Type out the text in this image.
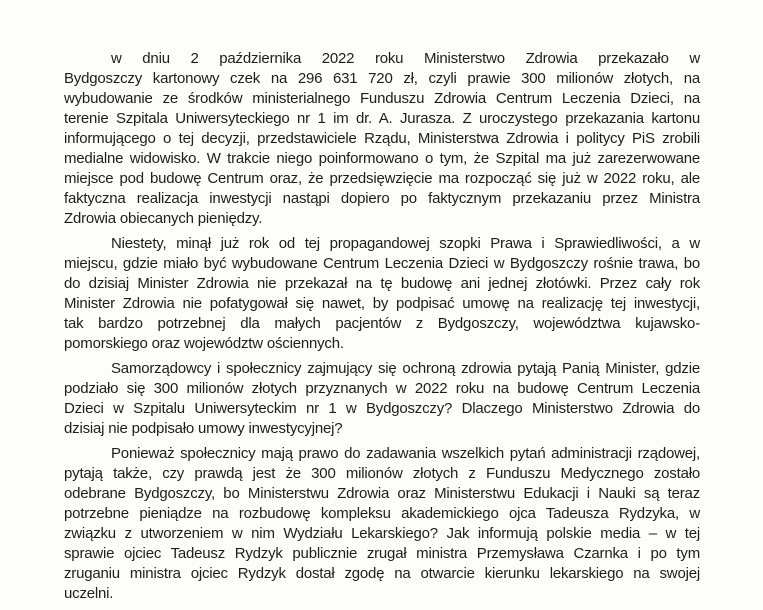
w dniu 2 października 2022 roku Ministerstwo Zdrowia przekazało w
Bydgoszczy kartonowy czek na 296 631 720 zł, czyli prawie 300 milionów złotych, na
wybudowanie ze środków ministerialnego Funduszu Zdrowia Centrum Leczenia Dzieci, na
terenie Szpitala Uniwersyteckiego nr 1 im dr. A. Jurasza. Z uroczystego przekazania kartonu
informującego o tej decyzji, przedstawiciele Rządu, Ministerstwa Zdrowia i politycy PiS zrobili
medialne widowisko. W trakcie niego poinformowano o tym, że Szpital ma już zarezerwowane
miejsce pod budowę Centrum oraz, że przedsięwzięcie ma rozpocząć się już w 2022 roku, ale
faktyczna realizacja inwestycji nastąpi dopiero po faktycznym przekazaniu przez Ministra
Zdrowia obiecanych pieniędzy.

Niestety, minął już rok od tej propagandowej szopki Prawa i Sprawiedliwości, a w
miejscu, gdzie miało być wybudowane Centrum Leczenia Dzieci w Bydgoszczy rośnie trawa, bo
do dzisiaj Minister Zdrowia nie przekazał na tę budowę ani jednej złotówki. Przez cały rok
Minister Zdrowia nie pofatygował się nawet, by podpisać umowę na realizację tej inwestycji,
tak bardzo potrzebnej dla małych pacjentów z Bydgoszczy, województwa kujawsko-
pomorskiego oraz województw ościennych.

Samorządowcy i społecznicy zajmujący się ochroną zdrowia pytają Panią Minister, gdzie
podziało się 300 milionów złotych przyznanych w 2022 roku na budowę Centrum Leczenia
Dzieci w Szpitalu Uniwersyteckim nr 1 w Bydgoszczy? Dlaczego Ministerstwo Zdrowia do
dzisiaj nie podpisało umowy inwestycyjnej?

Ponieważ społecznicy mają prawo do zadawania wszelkich pytań administracji rządowej,
pytają także, czy prawdą jest że 300 milionów złotych z Funduszu Medycznego zostało
odebrane Bydgoszczy, bo Ministerstwu Zdrowia oraz Ministerstwu Edukacji i Nauki są teraz
potrzebne pieniądze na rozbudowę kompleksu akademickiego ojca Tadeusza Rydzyka, w
związku z utworzeniem w nim Wydziału Lekarskiego? Jak informują polskie media – w tej
sprawie ojciec Tadeusz Rydzyk publicznie zrugał ministra Przemysława Czarnka i po tym
zruganiu ministra ojciec Rydzyk dostał zgodę na otwarcie kierunku lekarskiego na swojej
uczelni.
